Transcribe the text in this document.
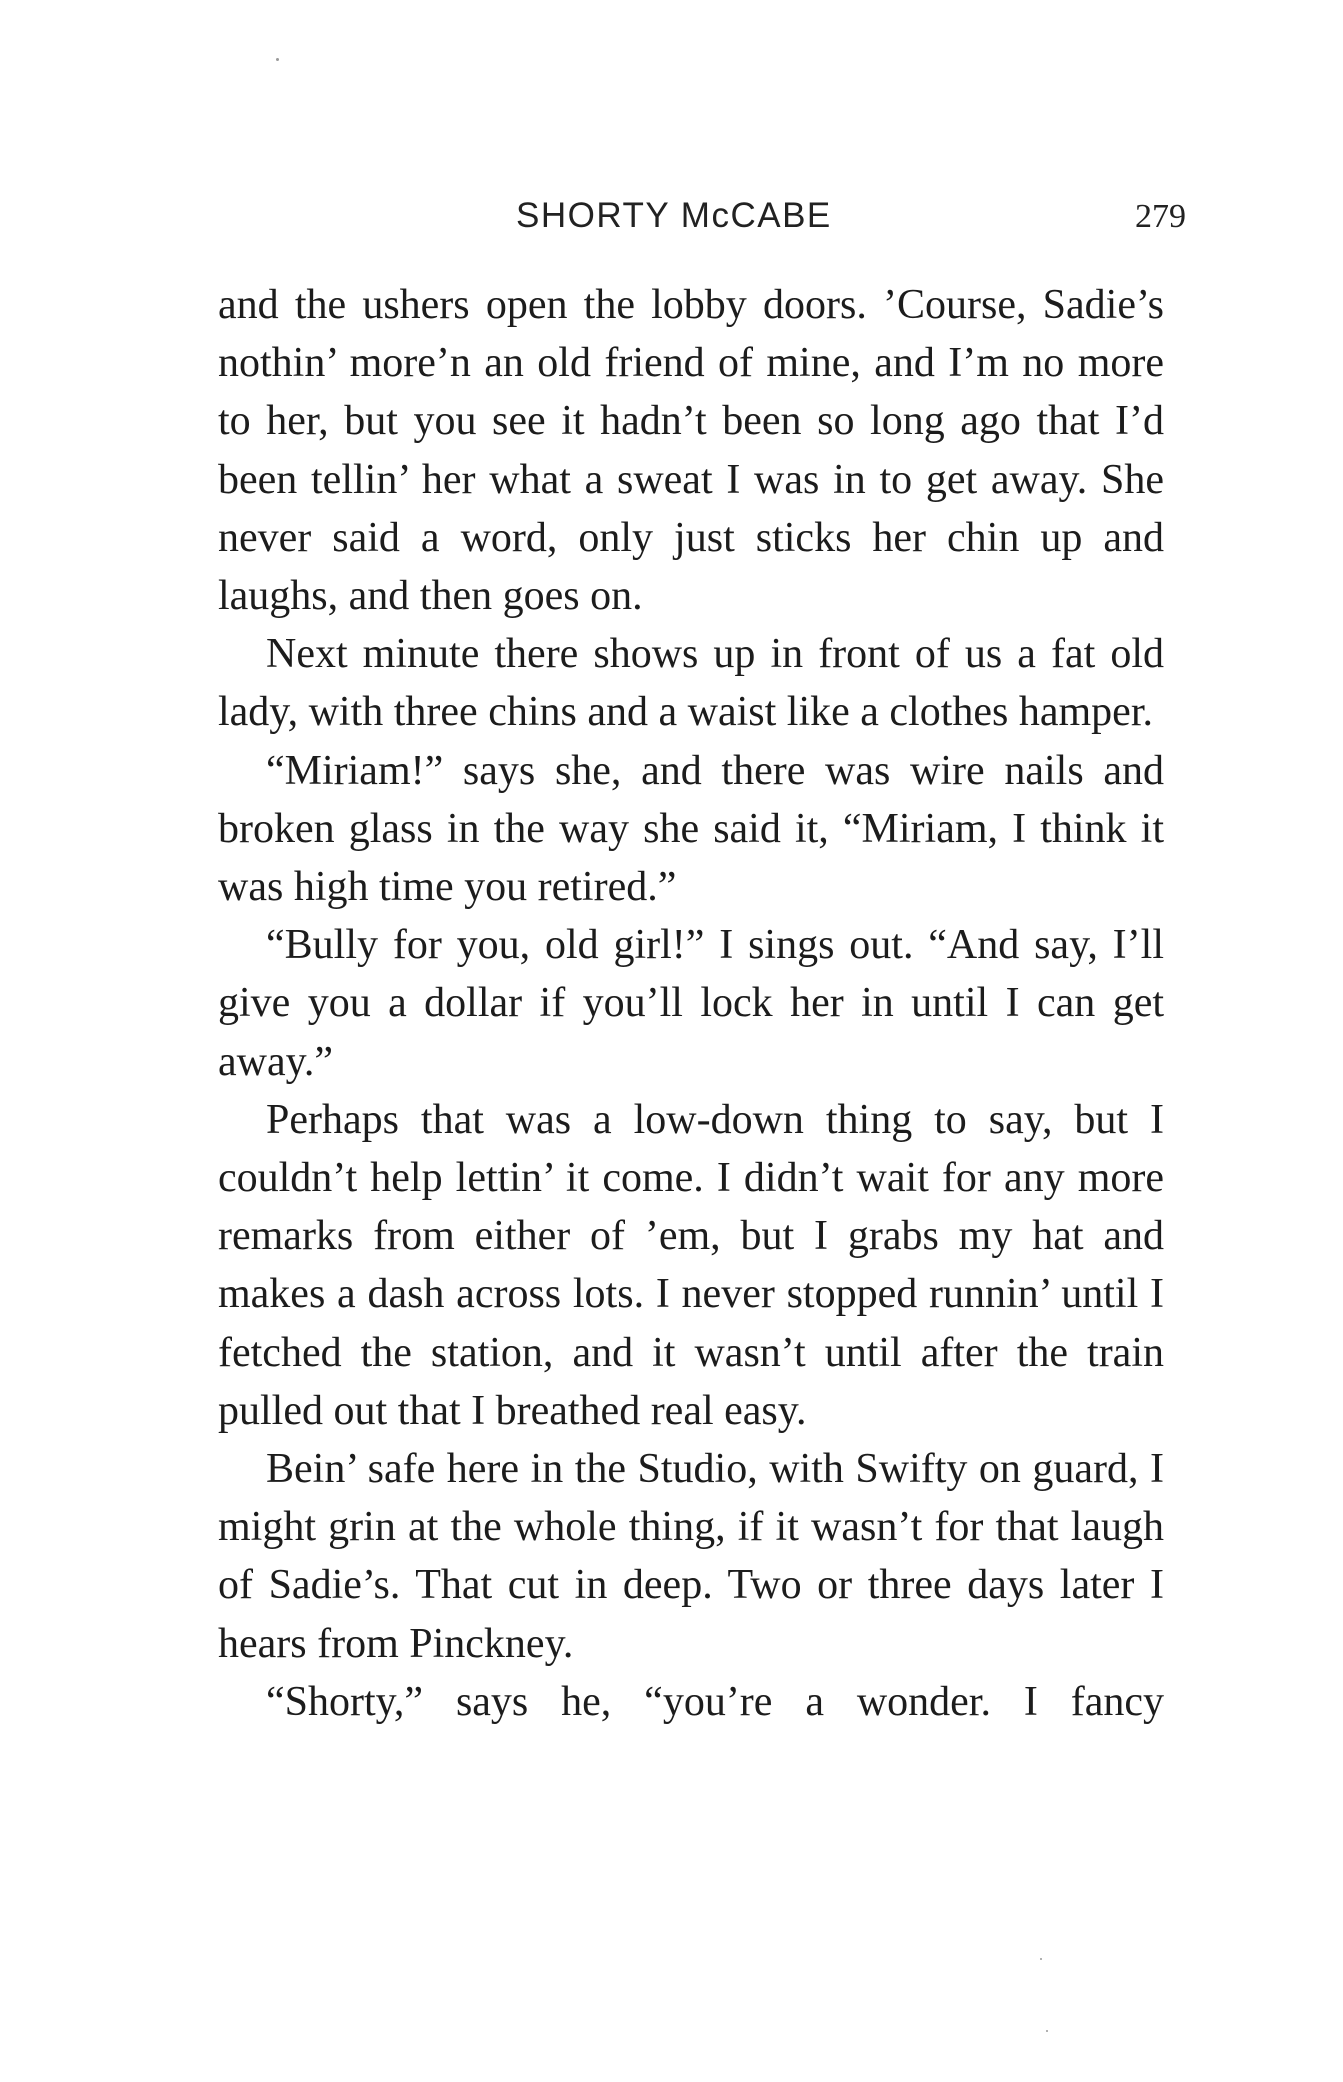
SHORTY McCABE	279

and the ushers open the lobby doors. ’Course, Sadie’s nothin’ more’n an old friend of mine, and I’m no more to her, but you see it hadn’t been so long ago that I’d been tellin’ her what a sweat I was in to get away. She never said a word, only just sticks her chin up and laughs, and then goes on.

Next minute there shows up in front of us a fat old lady, with three chins and a waist like a clothes hamper.

“Miriam!” says she, and there was wire nails and broken glass in the way she said it, “Miriam, I think it was high time you retired.”

“Bully for you, old girl!” I sings out. “And say, I’ll give you a dollar if you’ll lock her in until I can get away.”

Perhaps that was a low-down thing to say, but I couldn’t help lettin’ it come. I didn’t wait for any more remarks from either of ’em, but I grabs my hat and makes a dash across lots. I never stopped runnin’ until I fetched the station, and it wasn’t until after the train pulled out that I breathed real easy.

Bein’ safe here in the Studio, with Swifty on guard, I might grin at the whole thing, if it wasn’t for that laugh of Sadie’s. That cut in deep. Two or three days later I hears from Pinckney.

“Shorty,” says he, “you’re a wonder. I fancy
